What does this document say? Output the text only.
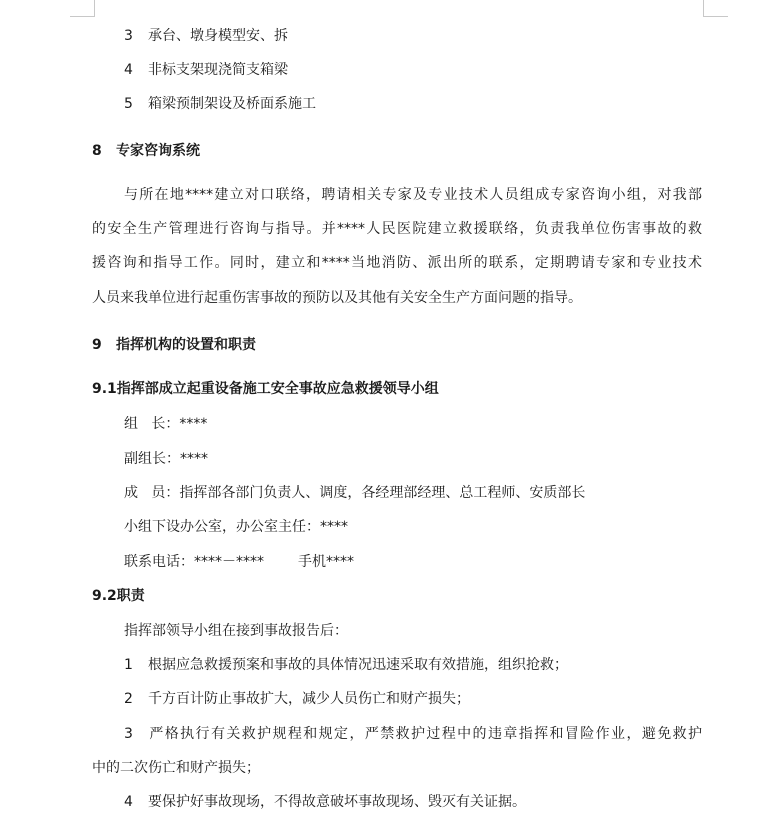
3 承台、墩身模型安、拆
4 非标支架现浇简支箱梁
5 箱梁预制架设及桥面系施工
8 专家咨询系统
与所在地****建立对口联络，聘请相关专家及专业技术人员组成专家咨询小组，对我部
的安全生产管理进行咨询与指导。并****人民医院建立救援联络，负责我单位伤害事故的救
援咨询和指导工作。同时，建立和****当地消防、派出所的联系，定期聘请专家和专业技术
人员来我单位进行起重伤害事故的预防以及其他有关安全生产方面问题的指导。
9 指挥机构的设置和职责
9.1指挥部成立起重设备施工安全事故应急救援领导小组
组   长：****
副组长：****
成   员：指挥部各部门负责人、调度，各经理部经理、总工程师、安质部长
小组下设办公室，办公室主任：****
联系电话：****－**** 手机****
9.2职责
指挥部领导小组在接到事故报告后：
1 根据应急救援预案和事故的具体情况迅速采取有效措施，组织抢救；
2 千方百计防止事故扩大，减少人员伤亡和财产损失；
3 严格执行有关救护规程和规定，严禁救护过程中的违章指挥和冒险作业，避免救护
中的二次伤亡和财产损失；
4 要保护好事故现场，不得故意破坏事故现场、毁灭有关证据。
